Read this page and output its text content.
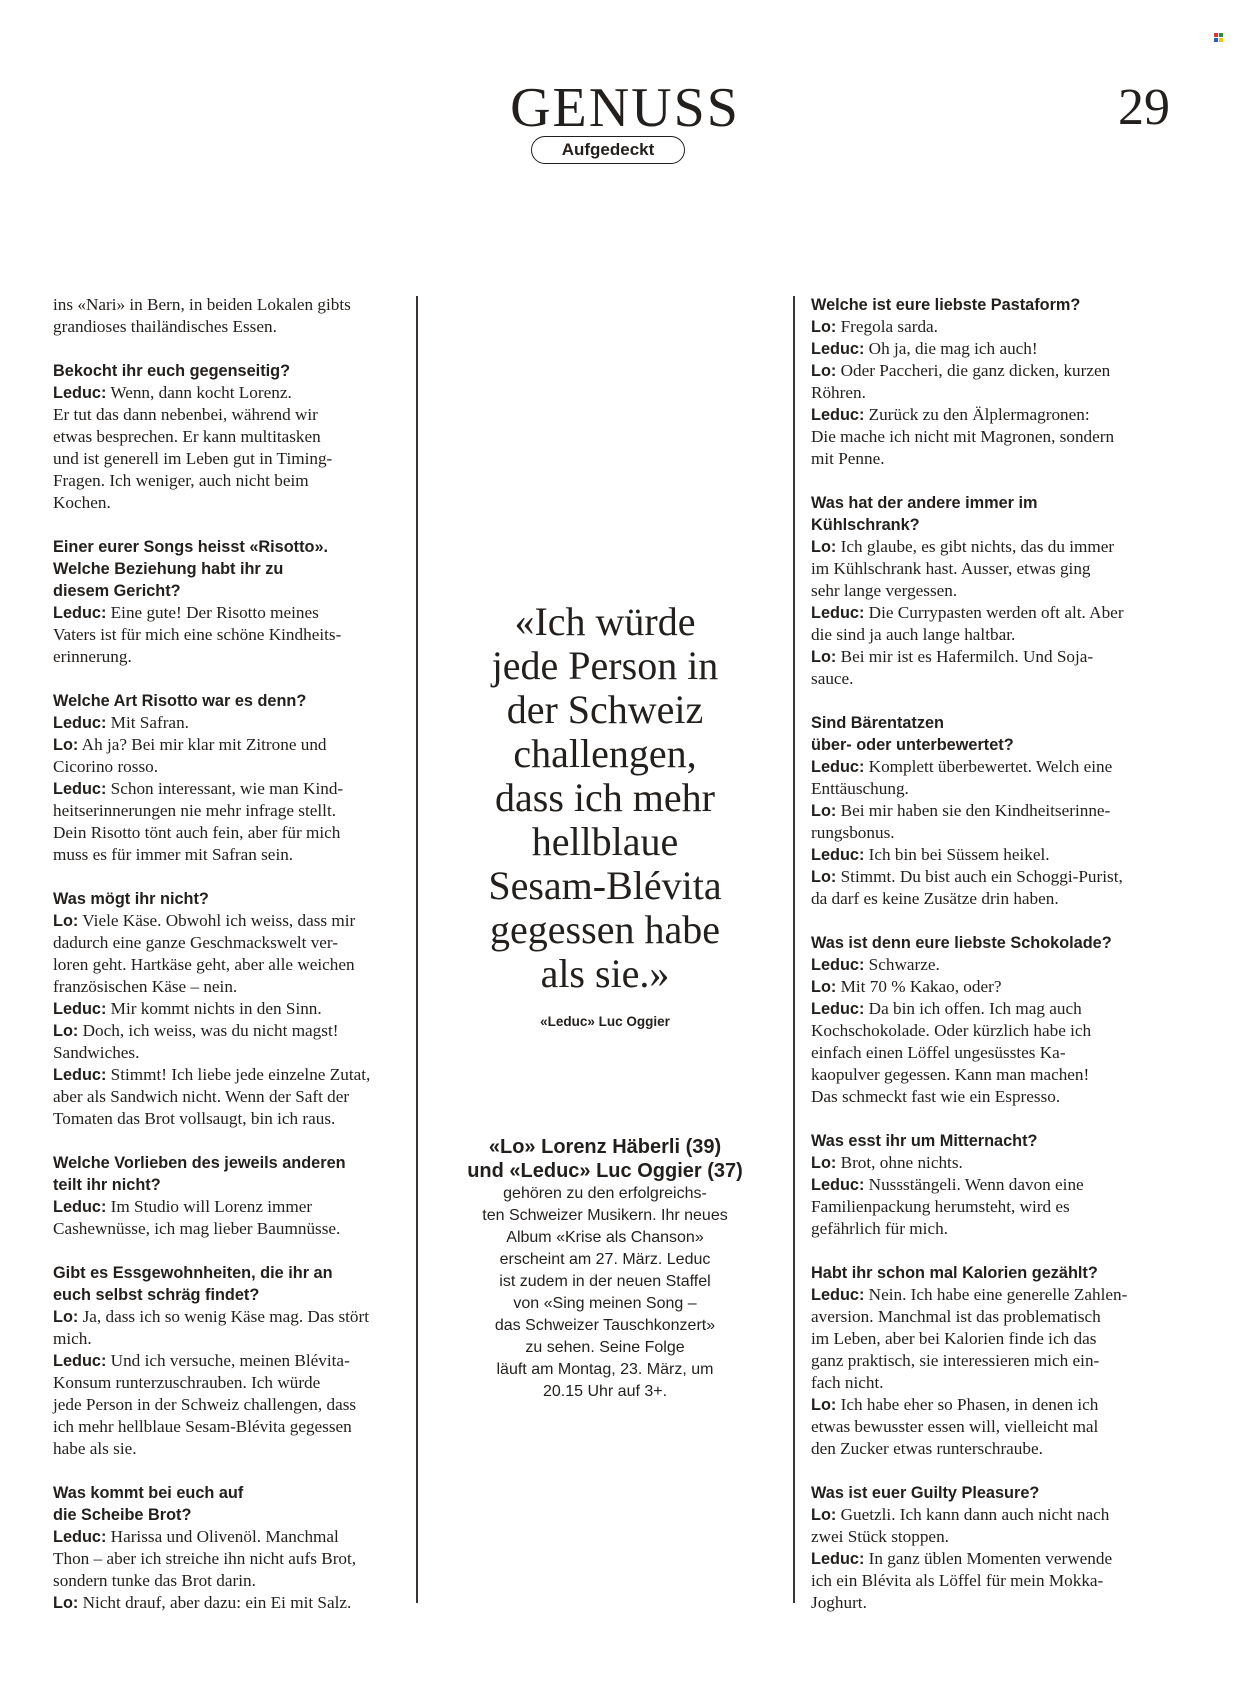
GENUSS	29
Aufgedeckt
ins «Nari» in Bern, in beiden Lokalen gibts
grandioses thailändisches Essen.
Bekocht ihr euch gegenseitig?
Leduc: Wenn, dann kocht Lorenz.
Er tut das dann nebenbei, während wir
etwas besprechen. Er kann multitasken
und ist generell im Leben gut in Timing-
Fragen. Ich weniger, auch nicht beim
Kochen.
Einer eurer Songs heisst «Risotto».
Welche Beziehung habt ihr zu
diesem Gericht?
Leduc: Eine gute! Der Risotto meines
Vaters ist für mich eine schöne Kindheits-
erinnerung.
Welche Art Risotto war es denn?
Leduc: Mit Safran.
Lo: Ah ja? Bei mir klar mit Zitrone und
Cicorino rosso.
Leduc: Schon interessant, wie man Kind-
heitserinnerungen nie mehr infrage stellt.
Dein Risotto tönt auch fein, aber für mich
muss es für immer mit Safran sein.
Was mögt ihr nicht?
Lo: Viele Käse. Obwohl ich weiss, dass mir
dadurch eine ganze Geschmackswelt ver-
loren geht. Hartkäse geht, aber alle weichen
französischen Käse – nein.
Leduc: Mir kommt nichts in den Sinn.
Lo: Doch, ich weiss, was du nicht magst!
Sandwiches.
Leduc: Stimmt! Ich liebe jede einzelne Zutat,
aber als Sandwich nicht. Wenn der Saft der
Tomaten das Brot vollsaugt, bin ich raus.
Welche Vorlieben des jeweils anderen
teilt ihr nicht?
Leduc: Im Studio will Lorenz immer
Cashewnüsse, ich mag lieber Baumnüsse.
Gibt es Essgewohnheiten, die ihr an
euch selbst schräg findet?
Lo: Ja, dass ich so wenig Käse mag. Das stört
mich.
Leduc: Und ich versuche, meinen Blévita-
Konsum runterzuschrauben. Ich würde
jede Person in der Schweiz challengen, dass
ich mehr hellblaue Sesam-Blévita gegessen
habe als sie.
Was kommt bei euch auf
die Scheibe Brot?
Leduc: Harissa und Olivenöl. Manchmal
Thon – aber ich streiche ihn nicht aufs Brot,
sondern tunke das Brot darin.
Lo: Nicht drauf, aber dazu: ein Ei mit Salz.
«Ich würde
jede Person in
der Schweiz
challengen,
dass ich mehr
hellblaue
Sesam-Blévita
gegessen habe
als sie.»
«Leduc» Luc Oggier
«Lo» Lorenz Häberli (39)
und «Leduc» Luc Oggier (37)
gehören zu den erfolgreichs-
ten Schweizer Musikern. Ihr neues
Album «Krise als Chanson»
erscheint am 27. März. Leduc
ist zudem in der neuen Staffel
von «Sing meinen Song –
das Schweizer Tauschkonzert»
zu sehen. Seine Folge
läuft am Montag, 23. März, um
20.15 Uhr auf 3+.
Welche ist eure liebste Pastaform?
Lo: Fregola sarda.
Leduc: Oh ja, die mag ich auch!
Lo: Oder Paccheri, die ganz dicken, kurzen
Röhren.
Leduc: Zurück zu den Älplermagronen:
Die mache ich nicht mit Magronen, sondern
mit Penne.
Was hat der andere immer im
Kühlschrank?
Lo: Ich glaube, es gibt nichts, das du immer
im Kühlschrank hast. Ausser, etwas ging
sehr lange vergessen.
Leduc: Die Currypasten werden oft alt. Aber
die sind ja auch lange haltbar.
Lo: Bei mir ist es Hafermilch. Und Soja-
sauce.
Sind Bärentatzen
über- oder unterbewertet?
Leduc: Komplett überbewertet. Welch eine
Enttäuschung.
Lo: Bei mir haben sie den Kindheitserinne-
rungsbonus.
Leduc: Ich bin bei Süssem heikel.
Lo: Stimmt. Du bist auch ein Schoggi-Purist,
da darf es keine Zusätze drin haben.
Was ist denn eure liebste Schokolade?
Leduc: Schwarze.
Lo: Mit 70 % Kakao, oder?
Leduc: Da bin ich offen. Ich mag auch
Kochschokolade. Oder kürzlich habe ich
einfach einen Löffel ungesüsstes Ka-
kaopulver gegessen. Kann man machen!
Das schmeckt fast wie ein Espresso.
Was esst ihr um Mitternacht?
Lo: Brot, ohne nichts.
Leduc: Nussstängeli. Wenn davon eine
Familienpackung herumsteht, wird es
gefährlich für mich.
Habt ihr schon mal Kalorien gezählt?
Leduc: Nein. Ich habe eine generelle Zahlen-
aversion. Manchmal ist das problematisch
im Leben, aber bei Kalorien finde ich das
ganz praktisch, sie interessieren mich ein-
fach nicht.
Lo: Ich habe eher so Phasen, in denen ich
etwas bewusster essen will, vielleicht mal
den Zucker etwas runterschraube.
Was ist euer Guilty Pleasure?
Lo: Guetzli. Ich kann dann auch nicht nach
zwei Stück stoppen.
Leduc: In ganz üblen Momenten verwende
ich ein Blévita als Löffel für mein Mokka-
Joghurt.
